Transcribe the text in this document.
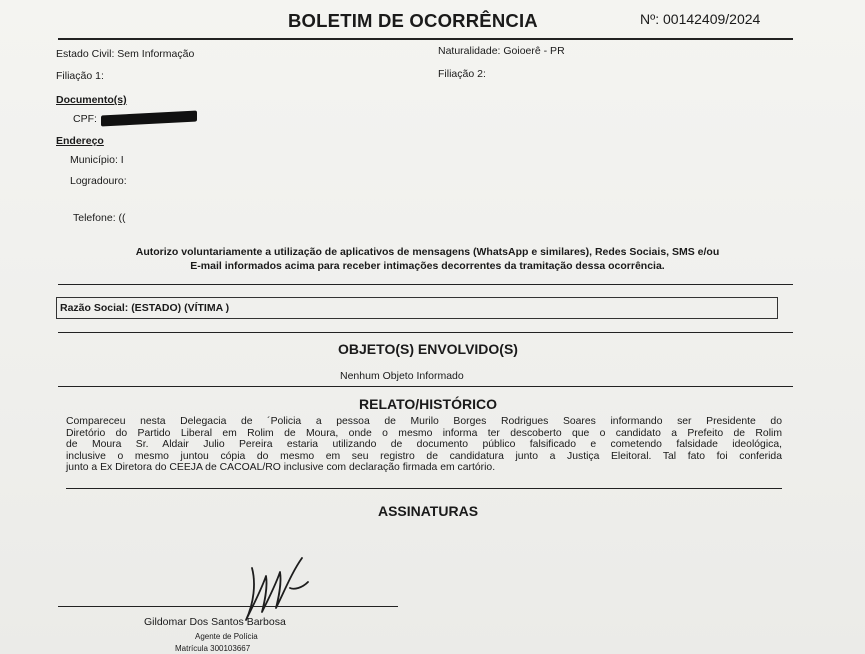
BOLETIM DE OCORRÊNCIA	Nº: 00142409/2024
Estado Civil: Sem Informação	Naturalidade: Goioerê - PR
Filiação 1:	Filiação 2:
Documento(s)
CPF:
Endereço
Município: I
Logradouro:
Telefone: ((
Autorizo voluntariamente a utilização de aplicativos de mensagens (WhatsApp e similares), Redes Sociais, SMS e/ou
E-mail informados acima para receber intimações decorrentes da tramitação dessa ocorrência.
Razão Social: (ESTADO) (VÍTIMA )
OBJETO(S) ENVOLVIDO(S)
Nenhum Objeto Informado
RELATO/HISTÓRICO
Compareceu nesta Delegacia de ´Policia a pessoa de Murilo Borges Rodrigues Soares informando ser Presidente do
Diretório do Partido Liberal em Rolim de Moura, onde o mesmo informa ter descoberto que o candidato a Prefeito de Rolim
de Moura Sr. Aldair Julio Pereira estaria utilizando de documento público falsificado e cometendo falsidade ideológica,
inclusive o mesmo juntou cópia do mesmo em seu registro de candidatura junto a Justiça Eleitoral. Tal fato foi conferida
junto a Ex Diretora do CEEJA de CACOAL/RO inclusive com declaração firmada em cartório.
ASSINATURAS
Gildomar Dos Santos Barbosa
Agente de Polícia
Matrícula 300103667
